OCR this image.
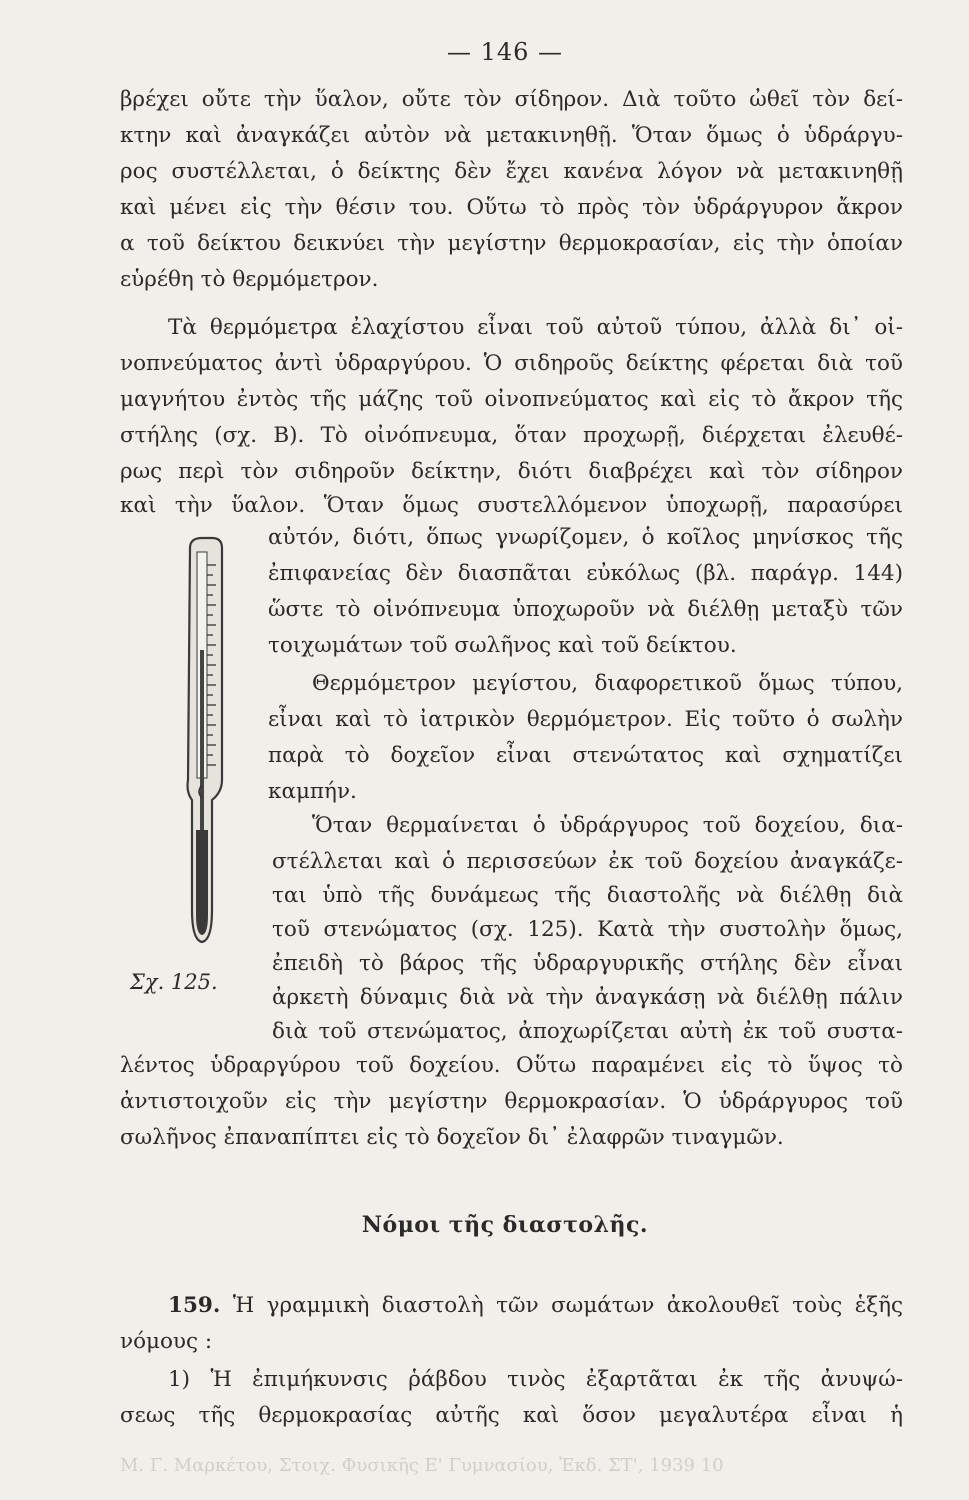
— 146 —
βρέχει οὔτε τὴν ὕαλον, οὔτε τὸν σίδηρον. Διὰ τοῦτο ὠθεῖ τὸν δεί-
κτην καὶ ἀναγκάζει αὐτὸν νὰ μετακινηθῇ. Ὅταν ὅμως ὁ ὑδράργυ-
ρος συστέλλεται, ὁ δείκτης δὲν ἔχει κανένα λόγον νὰ μετακινηθῇ
καὶ μένει εἰς τὴν θέσιν του. Οὕτω τὸ πρὸς τὸν ὑδράργυρον ἄκρον
α τοῦ δείκτου δεικνύει τὴν μεγίστην θερμοκρασίαν, εἰς τὴν ὁποίαν
εὑρέθη τὸ θερμόμετρον.
Τὰ θερμόμετρα ἐλαχίστου εἶναι τοῦ αὐτοῦ τύπου, ἀλλὰ δι᾽ οἰ-
νοπνεύματος ἀντὶ ὑδραργύρου. Ὁ σιδηροῦς δείκτης φέρεται διὰ τοῦ
μαγνήτου ἐντὸς τῆς μάζης τοῦ οἰνοπνεύματος καὶ εἰς τὸ ἄκρον τῆς
στήλης (σχ. Β). Τὸ οἰνόπνευμα, ὅταν προχωρῇ, διέρχεται ἐλευθέ-
ρως περὶ τὸν σιδηροῦν δείκτην, διότι διαβρέχει καὶ τὸν σίδηρον
καὶ τὴν ὕαλον. Ὅταν ὅμως συστελλόμενον ὑποχωρῇ, παρασύρει
αὐτόν, διότι, ὅπως γνωρίζομεν, ὁ κοῖλος μηνίσκος τῆς
ἐπιφανείας δὲν διασπᾶται εὐκόλως (βλ. παράγρ. 144)
ὥστε τὸ οἰνόπνευμα ὑποχωροῦν νὰ διέλθῃ μεταξὺ τῶν
τοιχωμάτων τοῦ σωλῆνος καὶ τοῦ δείκτου.
Θερμόμετρον μεγίστου, διαφορετικοῦ ὅμως τύπου,
εἶναι καὶ τὸ ἰατρικὸν θερμόμετρον. Εἰς τοῦτο ὁ σωλὴν
παρὰ τὸ δοχεῖον εἶναι στενώτατος καὶ σχηματίζει
καμπήν.
Ὅταν θερμαίνεται ὁ ὑδράργυρος τοῦ δοχείου, δια-
στέλλεται καὶ ὁ περισσεύων ἐκ τοῦ δοχείου ἀναγκάζε-
ται ὑπὸ τῆς δυνάμεως τῆς διαστολῆς νὰ διέλθῃ διὰ
τοῦ στενώματος (σχ. 125). Κατὰ τὴν συστολὴν ὅμως,
ἐπειδὴ τὸ βάρος τῆς ὑδραργυρικῆς στήλης δὲν εἶναι
ἀρκετὴ δύναμις διὰ νὰ τὴν ἀναγκάσῃ νὰ διέλθῃ πάλιν
διὰ τοῦ στενώματος, ἀποχωρίζεται αὐτὴ ἐκ τοῦ συστα-
λέντος ὑδραργύρου τοῦ δοχείου. Οὕτω παραμένει εἰς τὸ ὕψος τὸ
ἀντιστοιχοῦν εἰς τὴν μεγίστην θερμοκρασίαν. Ὁ ὑδράργυρος τοῦ
σωλῆνος ἐπαναπίπτει εἰς τὸ δοχεῖον δι᾽ ἐλαφρῶν τιναγμῶν.
Σχ. 125.
Νόμοι τῆς διαστολῆς.
159. Ἡ γραμμικὴ διαστολὴ τῶν σωμάτων ἀκολουθεῖ τοὺς ἑξῆς
νόμους :
1) Ἡ ἐπιμήκυνσις ῥάβδου τινὸς ἐξαρτᾶται ἐκ τῆς ἀνυψώ-
σεως τῆς θερμοκρασίας αὐτῆς καὶ ὅσον μεγαλυτέρα εἶναι ἡ
Μ. Γ. Μαρκέτου, Στοιχ. Φυσικῆς Ε' Γυμνασίου, Ἐκδ. ΣΤ', 1939 10
